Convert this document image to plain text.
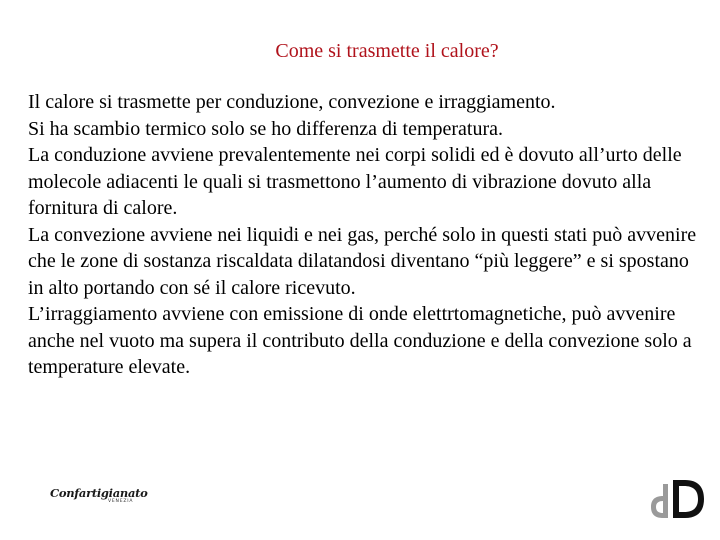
Come si trasmette il calore?

Il calore si trasmette per conduzione, convezione e irraggiamento.

Si ha scambio termico solo se ho differenza di temperatura.

La conduzione avviene prevalentemente nei corpi solidi ed è dovuto all’urto delle molecole adiacenti le quali si trasmettono l’aumento di vibrazione dovuto alla fornitura di calore.

La convezione avviene nei liquidi e nei gas, perché solo in questi stati può avvenire che le zone di sostanza riscaldata dilatandosi diventano “più leggere” e si spostano in alto portando con sé il calore ricevuto.

L’irraggiamento avviene con emissione di onde elettrtomagnetiche, può avvenire anche nel vuoto ma supera il contributo della conduzione e della convezione solo a temperature elevate.

Confartigianato
VENEZIA
